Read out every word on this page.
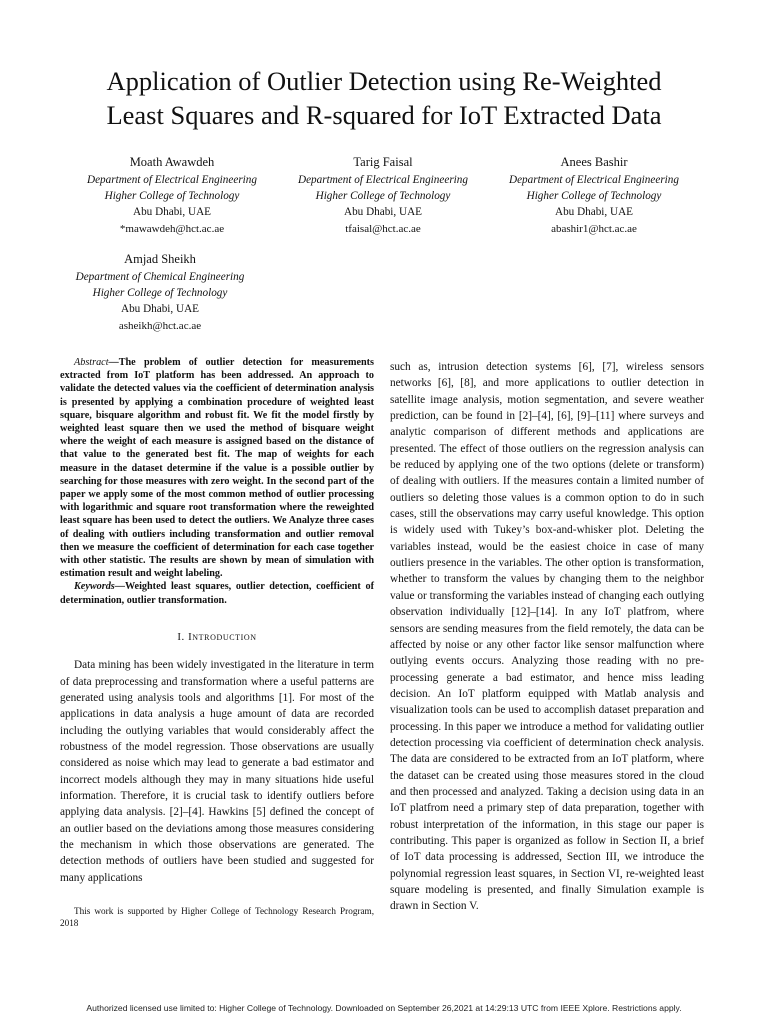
Application of Outlier Detection using Re-Weighted
Least Squares and R-squared for IoT Extracted Data
Moath Awawdeh
Department of Electrical Engineering
Higher College of Technology
Abu Dhabi, UAE
*mawawdeh@hct.ac.ae
Tarig Faisal
Department of Electrical Engineering
Higher College of Technology
Abu Dhabi, UAE
tfaisal@hct.ac.ae
Anees Bashir
Department of Electrical Engineering
Higher College of Technology
Abu Dhabi, UAE
abashir1@hct.ac.ae
Amjad Sheikh
Department of Chemical Engineering
Higher College of Technology
Abu Dhabi, UAE
asheikh@hct.ac.ae

Abstract—The problem of outlier detection for measurements extracted from IoT platform has been addressed. An approach to validate the detected values via the coefficient of determination analysis is presented by applying a combination procedure of weighted least square, bisquare algorithm and robust fit. We fit the model firstly by weighted least square then we used the method of bisquare weight where the weight of each measure is assigned based on the distance of that value to the generated best fit. The map of weights for each measure in the dataset determine if the value is a possible outlier by searching for those measures with zero weight. In the second part of the paper we apply some of the most common method of outlier processing with logarithmic and square root transformation where the reweighted least square has been used to detect the outliers. We Analyze three cases of dealing with outliers including transformation and outlier removal then we measure the coefficient of determination for each case together with other statistic. The results are shown by mean of simulation with estimation result and weight labeling.

Keywords—Weighted least squares, outlier detection, coefficient of determination, outlier transformation.

I. Introduction

Data mining has been widely investigated in the literature in term of data preprocessing and transformation where a useful patterns are generated using analysis tools and algorithms [1]. For most of the applications in data analysis a huge amount of data are recorded including the outlying variables that would considerably affect the robustness of the model regression. Those observations are usually considered as noise which may lead to generate a bad estimator and incorrect models although they may in many situations hide useful information. Therefore, it is crucial task to identify outliers before applying data analysis. [2]–[4]. Hawkins [5] defined the concept of an outlier based on the deviations among those measures considering the mechanism in which those observations are generated. The detection methods of outliers have been studied and suggested for many applications

such as, intrusion detection systems [6], [7], wireless sensors networks [6], [8], and more applications to outlier detection in satellite image analysis, motion segmentation, and severe weather prediction, can be found in [2]–[4], [6], [9]–[11] where surveys and analytic comparison of different methods and applications are presented. The effect of those outliers on the regression analysis can be reduced by applying one of the two options (delete or transform) of dealing with outliers. If the measures contain a limited number of outliers so deleting those values is a common option to do in such cases, still the observations may carry useful knowledge. This option is widely used with Tukey’s box-and-whisker plot. Deleting the variables instead, would be the easiest choice in case of many outliers presence in the variables. The other option is transformation, whether to transform the values by changing them to the neighbor value or transforming the variables instead of changing each outlying observation individually [12]–[14]. In any IoT platfrom, where sensors are sending measures from the field remotely, the data can be affected by noise or any other factor like sensor malfunction where outlying events occurs. Analyzing those reading with no pre-processing generate a bad estimator, and hence miss leading decision. An IoT platform equipped with Matlab analysis and visualization tools can be used to accomplish dataset preparation and processing. In this paper we introduce a method for validating outlier detection processing via coefficient of determination check analysis. The data are considered to be extracted from an IoT platform, where the dataset can be created using those measures stored in the cloud and then processed and analyzed. Taking a decision using data in an IoT platfrom need a primary step of data preparation, together with robust interpretation of the information, in this stage our paper is contributing. This paper is organized as follow in Section II, a brief of IoT data processing is addressed, Section III, we introduce the polynomial regression least squares, in Section VI, re-weighted least square modeling is presented, and finally Simulation example is drawn in Section V.

This work is supported by Higher College of Technology Research Program, 2018
Authorized licensed use limited to: Higher College of Technology. Downloaded on September 26,2021 at 14:29:13 UTC from IEEE Xplore. Restrictions apply.
